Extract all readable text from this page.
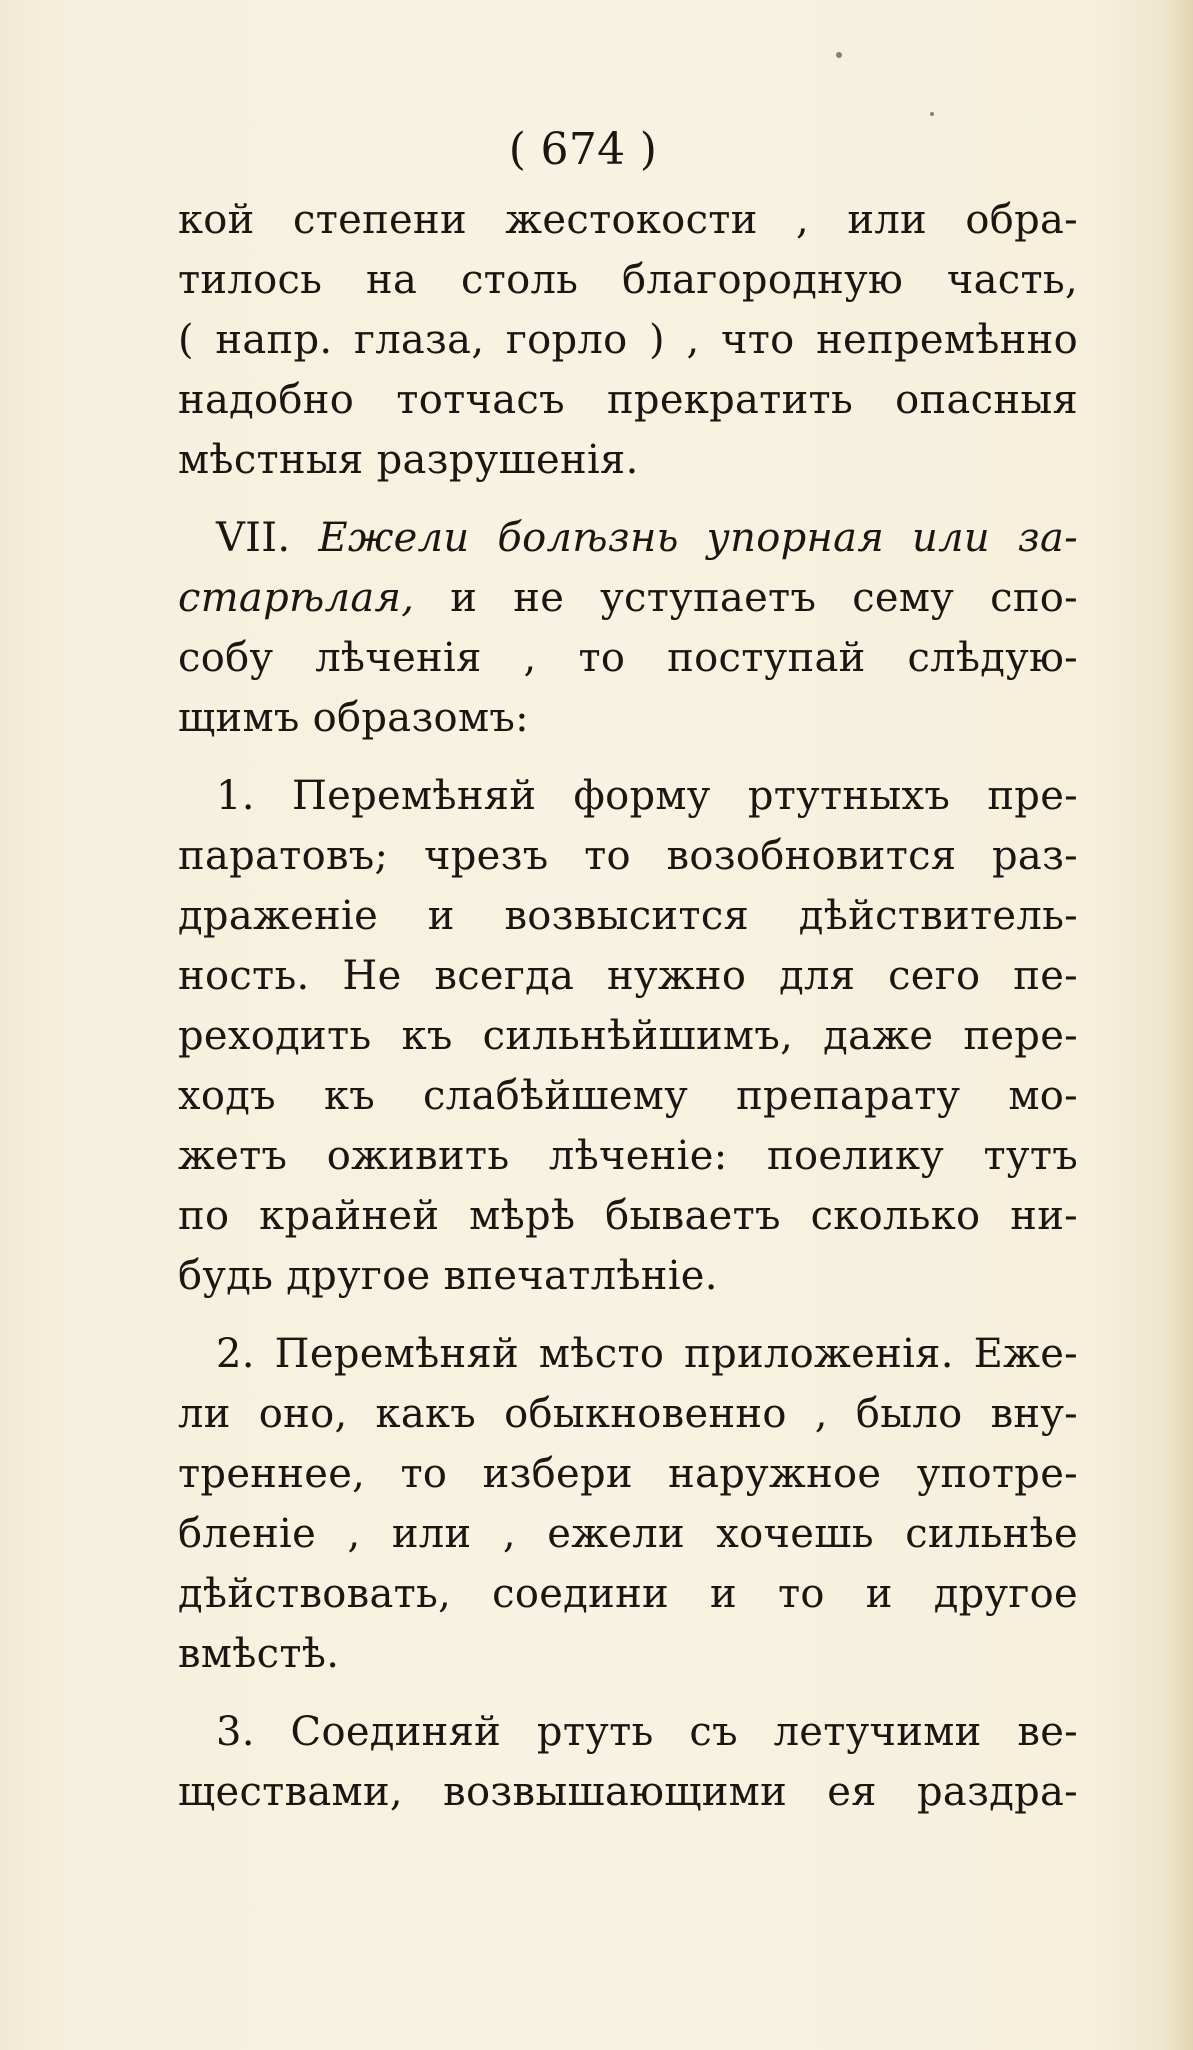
( 674 )
кой степени жестокости , или обра-
тилось на столь благородную часть,
( напр. глаза, горло ) , что непремѣнно
надобно тотчасъ прекратить опасныя
мѣстныя разрушенія.
VII. Ежели болѣзнь упорная или за-
старѣлая, и не уступаетъ сему спо-
собу лѣченія , то поступай слѣдую-
щимъ образомъ:
1. Перемѣняй форму ртутныхъ пре-
паратовъ; чрезъ то возобновится раз-
драженіе и возвысится дѣйствитель-
ность. Не всегда нужно для сего пе-
реходить къ сильнѣйшимъ, даже пере-
ходъ къ слабѣйшему препарату мо-
жетъ оживить лѣченіе: поелику тутъ
по крайней мѣрѣ бываетъ сколько ни-
будь другое впечатлѣніе.
2. Перемѣняй мѣсто приложенія. Еже-
ли оно, какъ обыкновенно , было вну-
треннее, то избери наружное употре-
бленіе , или , ежели хочешь сильнѣе
дѣйствовать, соедини и то и другое
вмѣстѣ.
3. Соединяй ртуть съ летучими ве-
ществами, возвышающими ея раздра-
